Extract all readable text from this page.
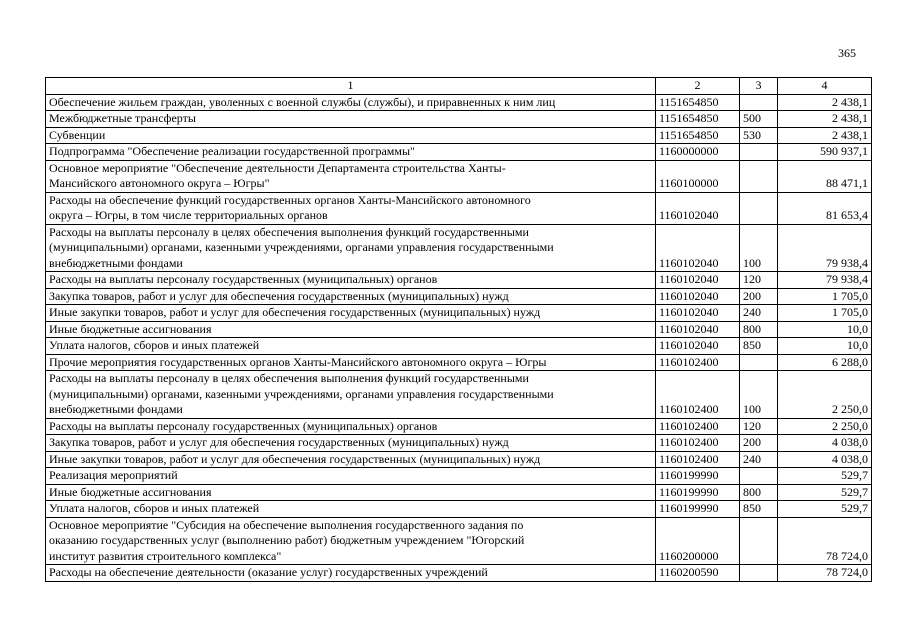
365
1	2	3	4
Обеспечение жильем граждан, уволенных с военной службы (службы), и приравненных к ним лиц	1151654850		2 438,1
Межбюджетные трансферты	1151654850	500	2 438,1
Субвенции	1151654850	530	2 438,1
Подпрограмма "Обеспечение реализации государственной программы"	1160000000		590 937,1
Основное мероприятие "Обеспечение деятельности Департамента строительства Ханты-
Мансийского автономного округа – Югры"	1160100000		88 471,1
Расходы на обеспечение функций государственных органов Ханты-Мансийского автономного
округа – Югры, в том числе территориальных органов	1160102040		81 653,4
Расходы на выплаты персоналу в целях обеспечения выполнения функций государственными
(муниципальными) органами, казенными учреждениями, органами управления государственными
внебюджетными фондами	1160102040	100	79 938,4
Расходы на выплаты персоналу государственных (муниципальных) органов	1160102040	120	79 938,4
Закупка товаров, работ и услуг для обеспечения государственных (муниципальных) нужд	1160102040	200	1 705,0
Иные закупки товаров, работ и услуг для обеспечения государственных (муниципальных) нужд	1160102040	240	1 705,0
Иные бюджетные ассигнования	1160102040	800	10,0
Уплата налогов, сборов и иных платежей	1160102040	850	10,0
Прочие мероприятия государственных органов Ханты-Мансийского автономного округа – Югры	1160102400		6 288,0
Расходы на выплаты персоналу в целях обеспечения выполнения функций государственными
(муниципальными) органами, казенными учреждениями, органами управления государственными
внебюджетными фондами	1160102400	100	2 250,0
Расходы на выплаты персоналу государственных (муниципальных) органов	1160102400	120	2 250,0
Закупка товаров, работ и услуг для обеспечения государственных (муниципальных) нужд	1160102400	200	4 038,0
Иные закупки товаров, работ и услуг для обеспечения государственных (муниципальных) нужд	1160102400	240	4 038,0
Реализация мероприятий	1160199990		529,7
Иные бюджетные ассигнования	1160199990	800	529,7
Уплата налогов, сборов и иных платежей	1160199990	850	529,7
Основное мероприятие "Субсидия на обеспечение выполнения государственного задания по
оказанию государственных услуг (выполнению работ) бюджетным учреждением "Югорский
институт развития строительного комплекса"	1160200000		78 724,0
Расходы на обеспечение деятельности (оказание услуг) государственных учреждений	1160200590		78 724,0
